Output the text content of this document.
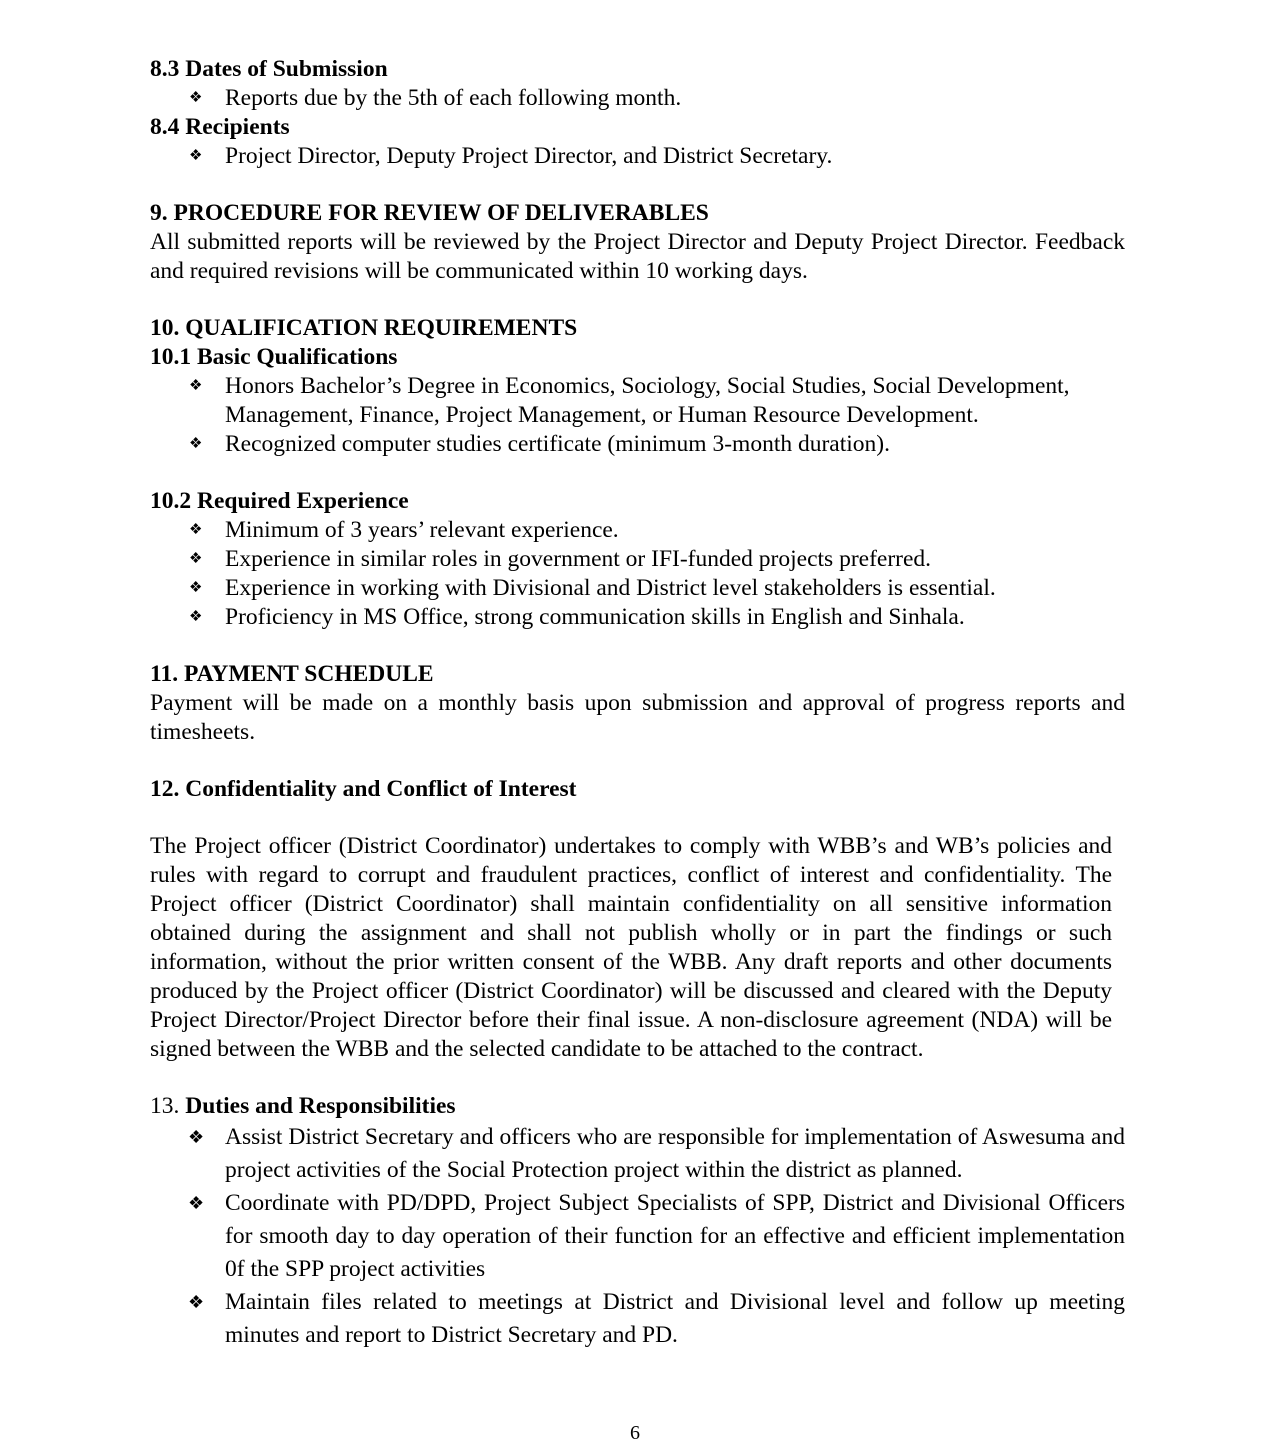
8.3 Dates of Submission

❖ Reports due by the 5th of each following month.

8.4 Recipients

❖ Project Director, Deputy Project Director, and District Secretary.

9. PROCEDURE FOR REVIEW OF DELIVERABLES

All submitted reports will be reviewed by the Project Director and Deputy Project Director. Feedback and required revisions will be communicated within 10 working days.

10. QUALIFICATION REQUIREMENTS

10.1 Basic Qualifications

❖ Honors Bachelor’s Degree in Economics, Sociology, Social Studies, Social Development, Management, Finance, Project Management, or Human Resource Development.
❖ Recognized computer studies certificate (minimum 3-month duration).

10.2 Required Experience

❖ Minimum of 3 years’ relevant experience.
❖ Experience in similar roles in government or IFI-funded projects preferred.
❖ Experience in working with Divisional and District level stakeholders is essential.
❖ Proficiency in MS Office, strong communication skills in English and Sinhala.

11. PAYMENT SCHEDULE

Payment will be made on a monthly basis upon submission and approval of progress reports and timesheets.

12. Confidentiality and Conflict of Interest

The Project officer (District Coordinator) undertakes to comply with WBB’s and WB’s policies and rules with regard to corrupt and fraudulent practices, conflict of interest and confidentiality. The Project officer (District Coordinator) shall maintain confidentiality on all sensitive information obtained during the assignment and shall not publish wholly or in part the findings or such information, without the prior written consent of the WBB. Any draft reports and other documents produced by the Project officer (District Coordinator) will be discussed and cleared with the Deputy Project Director/Project Director before their final issue. A non-disclosure agreement (NDA) will be signed between the WBB and the selected candidate to be attached to the contract.

13. Duties and Responsibilities

❖ Assist District Secretary and officers who are responsible for implementation of Aswesuma and project activities of the Social Protection project within the district as planned.
❖ Coordinate with PD/DPD, Project Subject Specialists of SPP, District and Divisional Officers for smooth day to day operation of their function for an effective and efficient implementation 0f the SPP project activities
❖ Maintain files related to meetings at District and Divisional level and follow up meeting minutes and report to District Secretary and PD.
6
